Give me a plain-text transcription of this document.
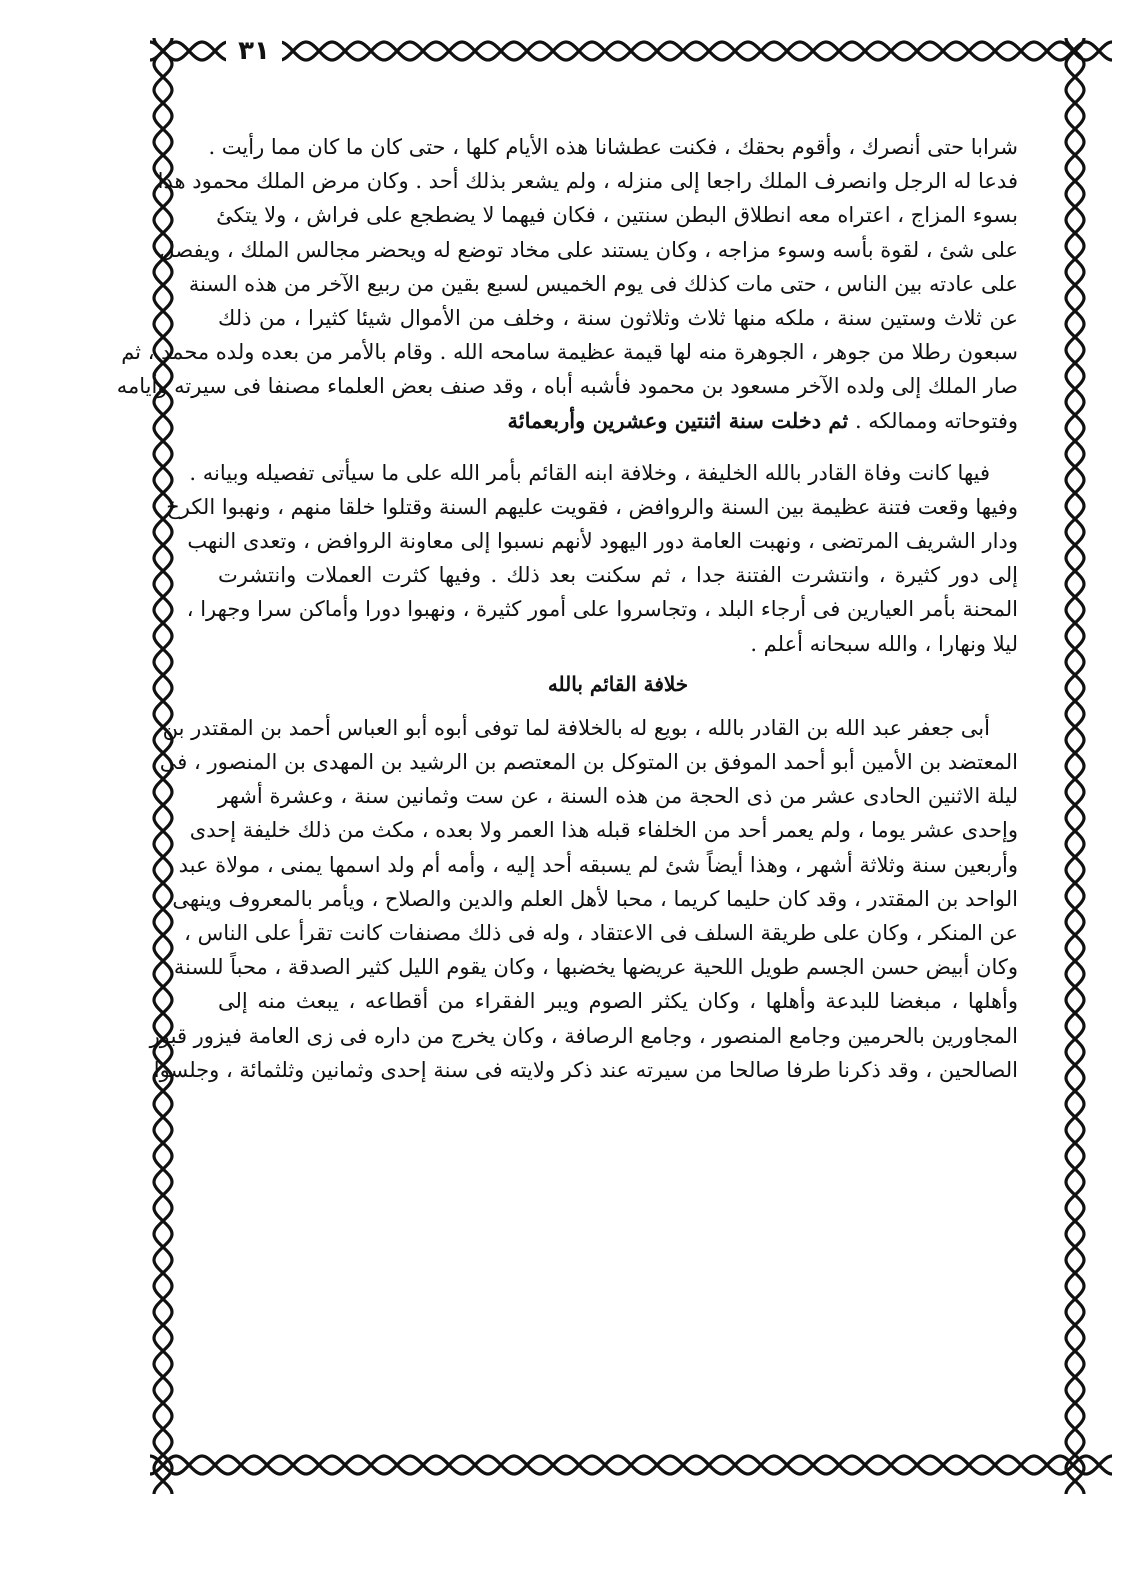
٣١
شرابا حتى أنصرك ، وأقوم بحقك ، فكنت عطشانا هذه الأيام كلها ، حتى كان ما كان مما رأيت .
فدعا له الرجل وانصرف الملك راجعا إلى منزله ، ولم يشعر بذلك أحد . وكان مرض الملك محمود هذا
بسوء المزاج ، اعتراه معه انطلاق البطن سنتين ، فكان فيهما لا يضطجع على فراش ، ولا يتكئ
على شئ ، لقوة بأسه وسوء مزاجه ، وكان يستند على مخاد توضع له ويحضر مجالس الملك ، ويفصل
على عادته بين الناس ، حتى مات كذلك فى يوم الخميس لسبع بقين من ربيع الآخر من هذه السنة
عن ثلاث وستين سنة ، ملكه منها ثلاث وثلاثون سنة ، وخلف من الأموال شيئا كثيرا ، من ذلك
سبعون رطلا من جوهر ، الجوهرة منه لها قيمة عظيمة سامحه الله . وقام بالأمر من بعده ولده محمد ، ثم
صار الملك إلى ولده الآخر مسعود بن محمود فأشبه أباه ، وقد صنف بعض العلماء مصنفا فى سيرته وأيامه
وفتوحاته وممالكه . ثم دخلت سنة اثنتين وعشرين وأربعمائة
فيها كانت وفاة القادر بالله الخليفة ، وخلافة ابنه القائم بأمر الله على ما سيأتى تفصيله وبيانه .
وفيها وقعت فتنة عظيمة بين السنة والروافض ، فقويت عليهم السنة وقتلوا خلقا منهم ، ونهبوا الكرخ
ودار الشريف المرتضى ، ونهبت العامة دور اليهود لأنهم نسبوا إلى معاونة الروافض ، وتعدى النهب
إلى دور كثيرة ، وانتشرت الفتنة جدا ، ثم سكنت بعد ذلك . وفيها كثرت العملات وانتشرت
المحنة بأمر العيارين فى أرجاء البلد ، وتجاسروا على أمور كثيرة ، ونهبوا دورا وأماكن سرا وجهرا ،
ليلا ونهارا ، والله سبحانه أعلم .
خلافة القائم بالله
أبى جعفر عبد الله بن القادر بالله ، بويع له بالخلافة لما توفى أبوه أبو العباس أحمد بن المقتدر بن
المعتضد بن الأمين أبو أحمد الموفق بن المتوكل بن المعتصم بن الرشيد بن المهدى بن المنصور ، فى
ليلة الاثنين الحادى عشر من ذى الحجة من هذه السنة ، عن ست وثمانين سنة ، وعشرة أشهر
وإحدى عشر يوما ، ولم يعمر أحد من الخلفاء قبله هذا العمر ولا بعده ، مكث من ذلك خليفة إحدى
وأربعين سنة وثلاثة أشهر ، وهذا أيضاً شئ لم يسبقه أحد إليه ، وأمه أم ولد اسمها يمنى ، مولاة عبد
الواحد بن المقتدر ، وقد كان حليما كريما ، محبا لأهل العلم والدين والصلاح ، ويأمر بالمعروف وينهى
عن المنكر ، وكان على طريقة السلف فى الاعتقاد ، وله فى ذلك مصنفات كانت تقرأ على الناس ،
وكان أبيض حسن الجسم طويل اللحية عريضها يخضبها ، وكان يقوم الليل كثير الصدقة ، محباً للسنة
وأهلها ، مبغضا للبدعة وأهلها ، وكان يكثر الصوم ويبر الفقراء من أقطاعه ، يبعث منه إلى
المجاورين بالحرمين وجامع المنصور ، وجامع الرصافة ، وكان يخرج من داره فى زى العامة فيزور قبور
الصالحين ، وقد ذكرنا طرفا صالحا من سيرته عند ذكر ولايته فى سنة إحدى وثمانين وثلثمائة ، وجلسوا
